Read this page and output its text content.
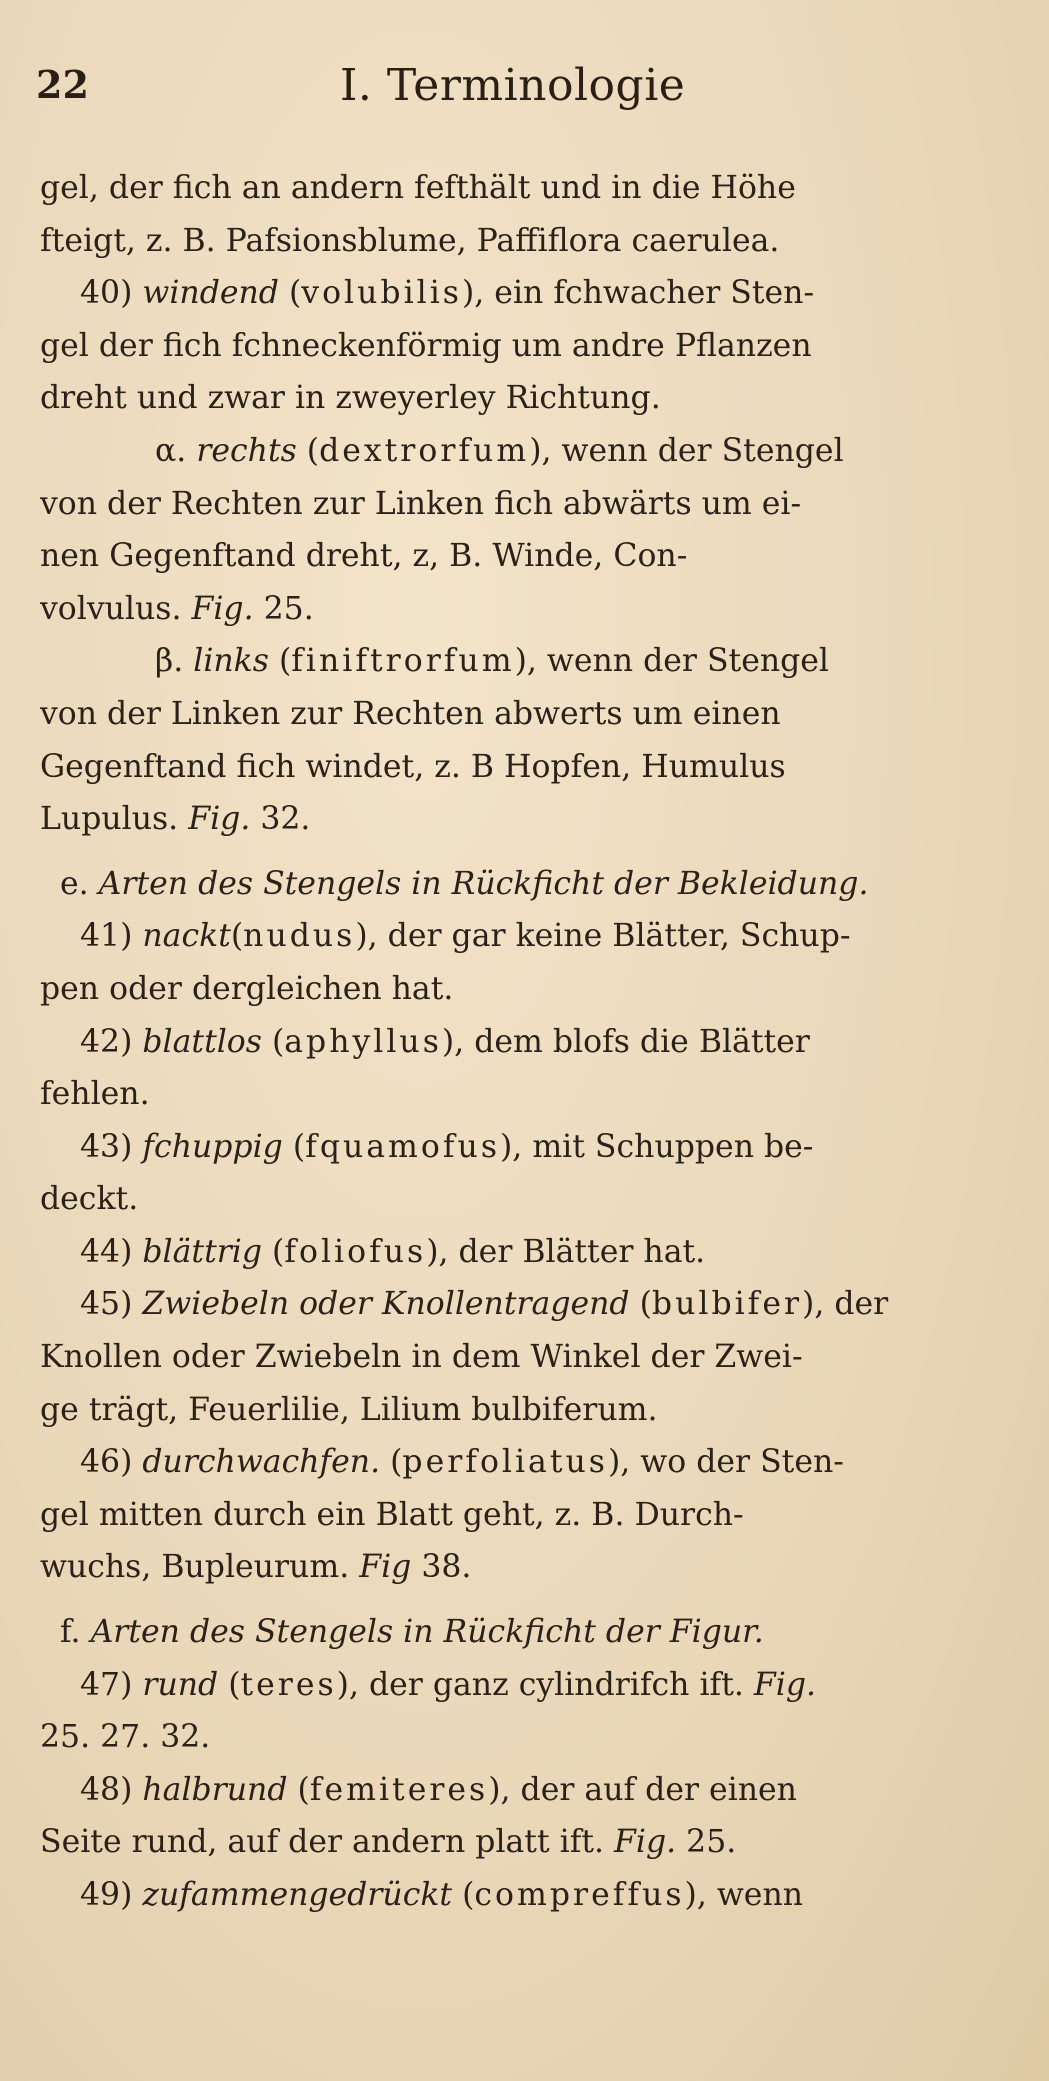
22	I. Terminologie
gel, der fich an andern fefthält und in die Höhe
fteigt, z. B. Pafsionsblume, Paffiflora caerulea.
40) windend (volubilis), ein fchwacher Sten-
gel der fich fchneckenförmig um andre Pflanzen
dreht und zwar in zweyerley Richtung.
α. rechts (dextrorfum), wenn der Stengel
von der Rechten zur Linken fich abwärts um ei-
nen Gegenftand dreht, z, B. Winde, Con-
volvulus. Fig. 25.
β. links (finiftrorfum), wenn der Stengel
von der Linken zur Rechten abwerts um einen
Gegenftand fich windet, z. B Hopfen, Humulus
Lupulus. Fig. 32.
e. Arten des Stengels in Rückficht der Bekleidung.
41) nackt(nudus), der gar keine Blätter, Schup-
pen oder dergleichen hat.
42) blattlos (aphyllus), dem blofs die Blätter
fehlen.
43) fchuppig (fquamofus), mit Schuppen be-
deckt.
44) blättrig (foliofus), der Blätter hat.
45) Zwiebeln oder Knollentragend (bulbifer), der
Knollen oder Zwiebeln in dem Winkel der Zwei-
ge trägt, Feuerlilie, Lilium bulbiferum.
46) durchwachfen. (perfoliatus), wo der Sten-
gel mitten durch ein Blatt geht, z. B. Durch-
wuchs, Bupleurum. Fig 38.
f. Arten des Stengels in Rückficht der Figur.
47) rund (teres), der ganz cylindrifch ift. Fig.
25. 27. 32.
48) halbrund (femiteres), der auf der einen
Seite rund, auf der andern platt ift. Fig. 25.
49) zufammengedrückt (compreffus), wenn
